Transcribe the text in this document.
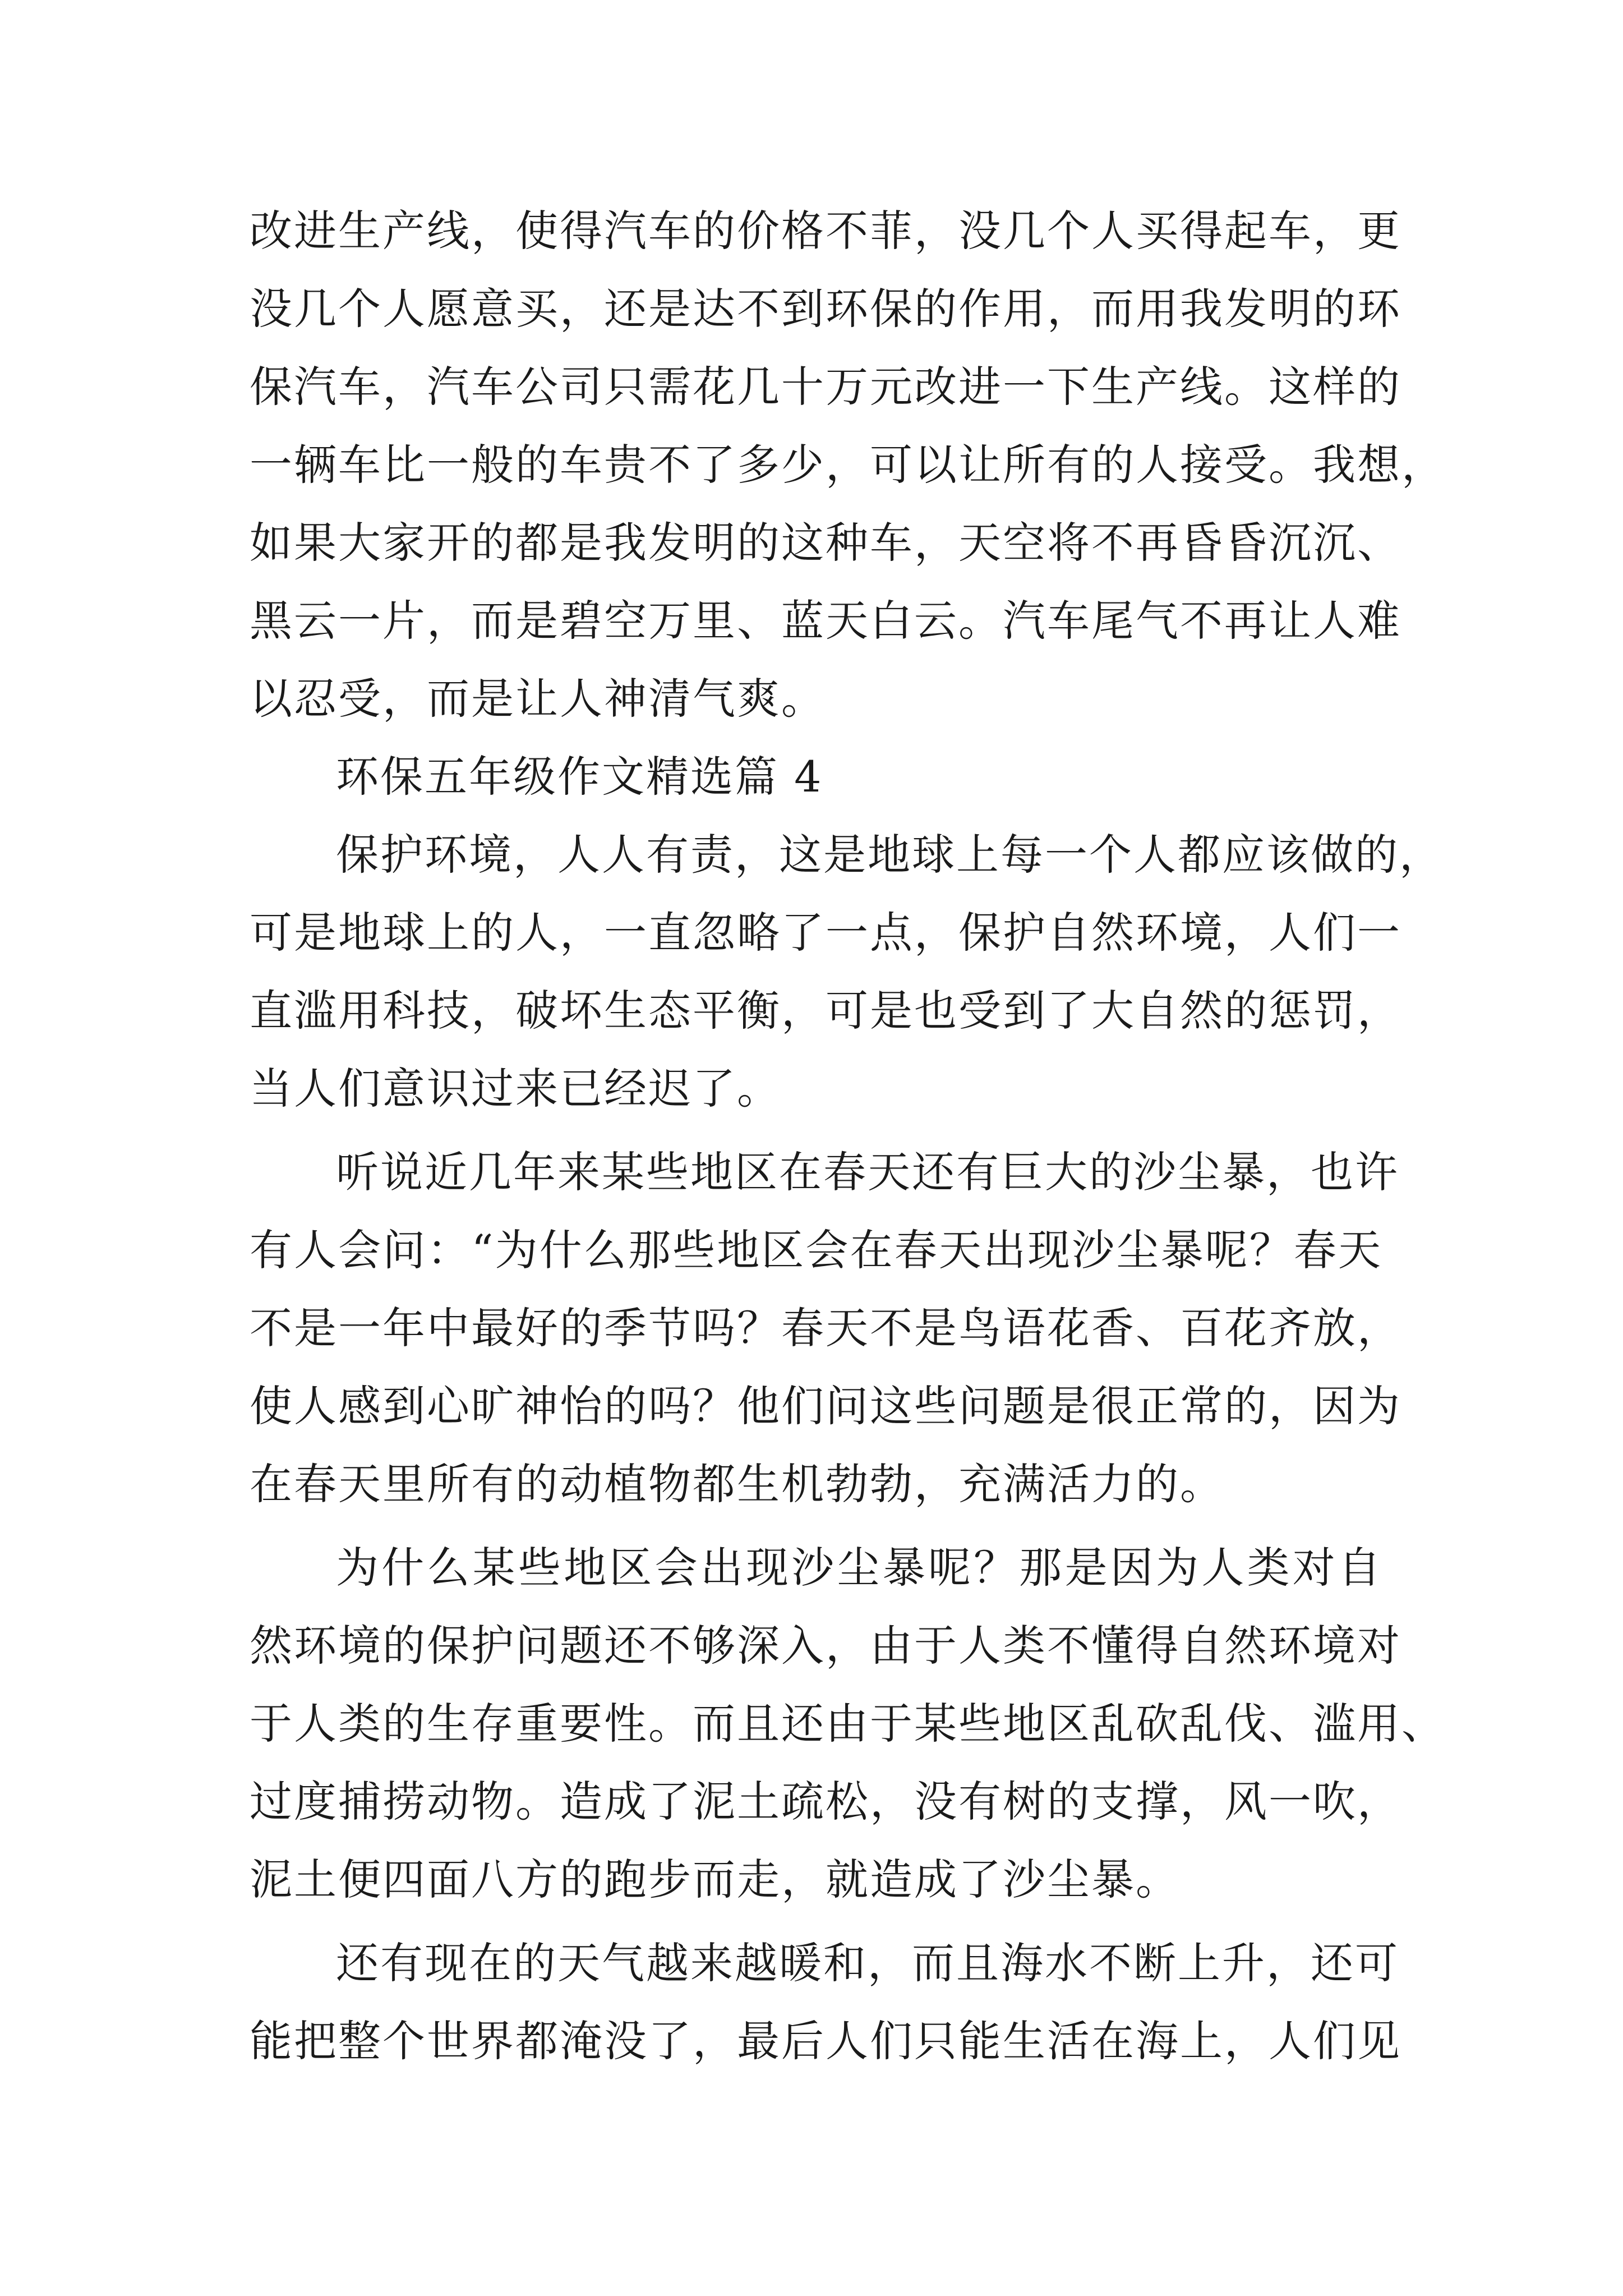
改进生产线，使得汽车的价格不菲，没几个人买得起车，更
没几个人愿意买，还是达不到环保的作用，而用我发明的环
保汽车，汽车公司只需花几十万元改进一下生产线。这样的
一辆车比一般的车贵不了多少，可以让所有的人接受。我想，
如果大家开的都是我发明的这种车，天空将不再昏昏沉沉、
黑云一片，而是碧空万里、蓝天白云。汽车尾气不再让人难
以忍受，而是让人神清气爽。
环保五年级作文精选篇 4
保护环境，人人有责，这是地球上每一个人都应该做的，
可是地球上的人，一直忽略了一点，保护自然环境，人们一
直滥用科技，破坏生态平衡，可是也受到了大自然的惩罚，
当人们意识过来已经迟了。
听说近几年来某些地区在春天还有巨大的沙尘暴，也许
有人会问：“为什么那些地区会在春天出现沙尘暴呢？春天
不是一年中最好的季节吗？春天不是鸟语花香、百花齐放，
使人感到心旷神怡的吗？他们问这些问题是很正常的，因为
在春天里所有的动植物都生机勃勃，充满活力的。
为什么某些地区会出现沙尘暴呢？那是因为人类对自
然环境的保护问题还不够深入，由于人类不懂得自然环境对
于人类的生存重要性。而且还由于某些地区乱砍乱伐、滥用、
过度捕捞动物。造成了泥土疏松，没有树的支撑，风一吹，
泥土便四面八方的跑步而走，就造成了沙尘暴。
还有现在的天气越来越暖和，而且海水不断上升，还可
能把整个世界都淹没了，最后人们只能生活在海上，人们见
